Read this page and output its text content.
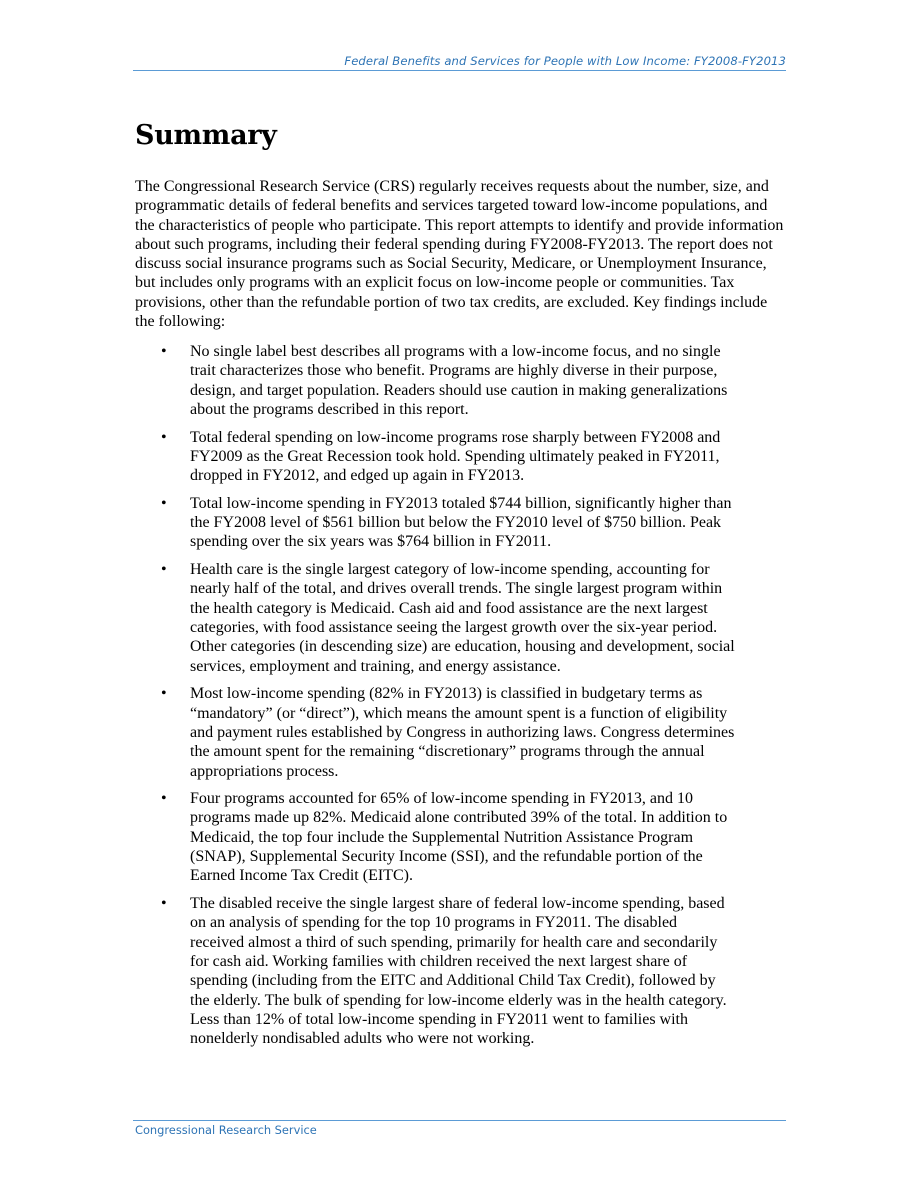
Federal Benefits and Services for People with Low Income: FY2008-FY2013
Summary

The Congressional Research Service (CRS) regularly receives requests about the number, size, and programmatic details of federal benefits and services targeted toward low-income populations, and the characteristics of people who participate. This report attempts to identify and provide information about such programs, including their federal spending during FY2008-FY2013. The report does not discuss social insurance programs such as Social Security, Medicare, or Unemployment Insurance, but includes only programs with an explicit focus on low-income people or communities. Tax provisions, other than the refundable portion of two tax credits, are excluded. Key findings include the following:

• No single label best describes all programs with a low-income focus, and no single trait characterizes those who benefit. Programs are highly diverse in their purpose, design, and target population. Readers should use caution in making generalizations about the programs described in this report.
• Total federal spending on low-income programs rose sharply between FY2008 and FY2009 as the Great Recession took hold. Spending ultimately peaked in FY2011, dropped in FY2012, and edged up again in FY2013.
• Total low-income spending in FY2013 totaled $744 billion, significantly higher than the FY2008 level of $561 billion but below the FY2010 level of $750 billion. Peak spending over the six years was $764 billion in FY2011.
• Health care is the single largest category of low-income spending, accounting for nearly half of the total, and drives overall trends. The single largest program within the health category is Medicaid. Cash aid and food assistance are the next largest categories, with food assistance seeing the largest growth over the six-year period. Other categories (in descending size) are education, housing and development, social services, employment and training, and energy assistance.
• Most low-income spending (82% in FY2013) is classified in budgetary terms as “mandatory” (or “direct”), which means the amount spent is a function of eligibility and payment rules established by Congress in authorizing laws. Congress determines the amount spent for the remaining “discretionary” programs through the annual appropriations process.
• Four programs accounted for 65% of low-income spending in FY2013, and 10 programs made up 82%. Medicaid alone contributed 39% of the total. In addition to Medicaid, the top four include the Supplemental Nutrition Assistance Program (SNAP), Supplemental Security Income (SSI), and the refundable portion of the Earned Income Tax Credit (EITC).
• The disabled receive the single largest share of federal low-income spending, based on an analysis of spending for the top 10 programs in FY2011. The disabled received almost a third of such spending, primarily for health care and secondarily for cash aid. Working families with children received the next largest share of spending (including from the EITC and Additional Child Tax Credit), followed by the elderly. The bulk of spending for low-income elderly was in the health category. Less than 12% of total low-income spending in FY2011 went to families with nonelderly nondisabled adults who were not working.
Congressional Research Service
